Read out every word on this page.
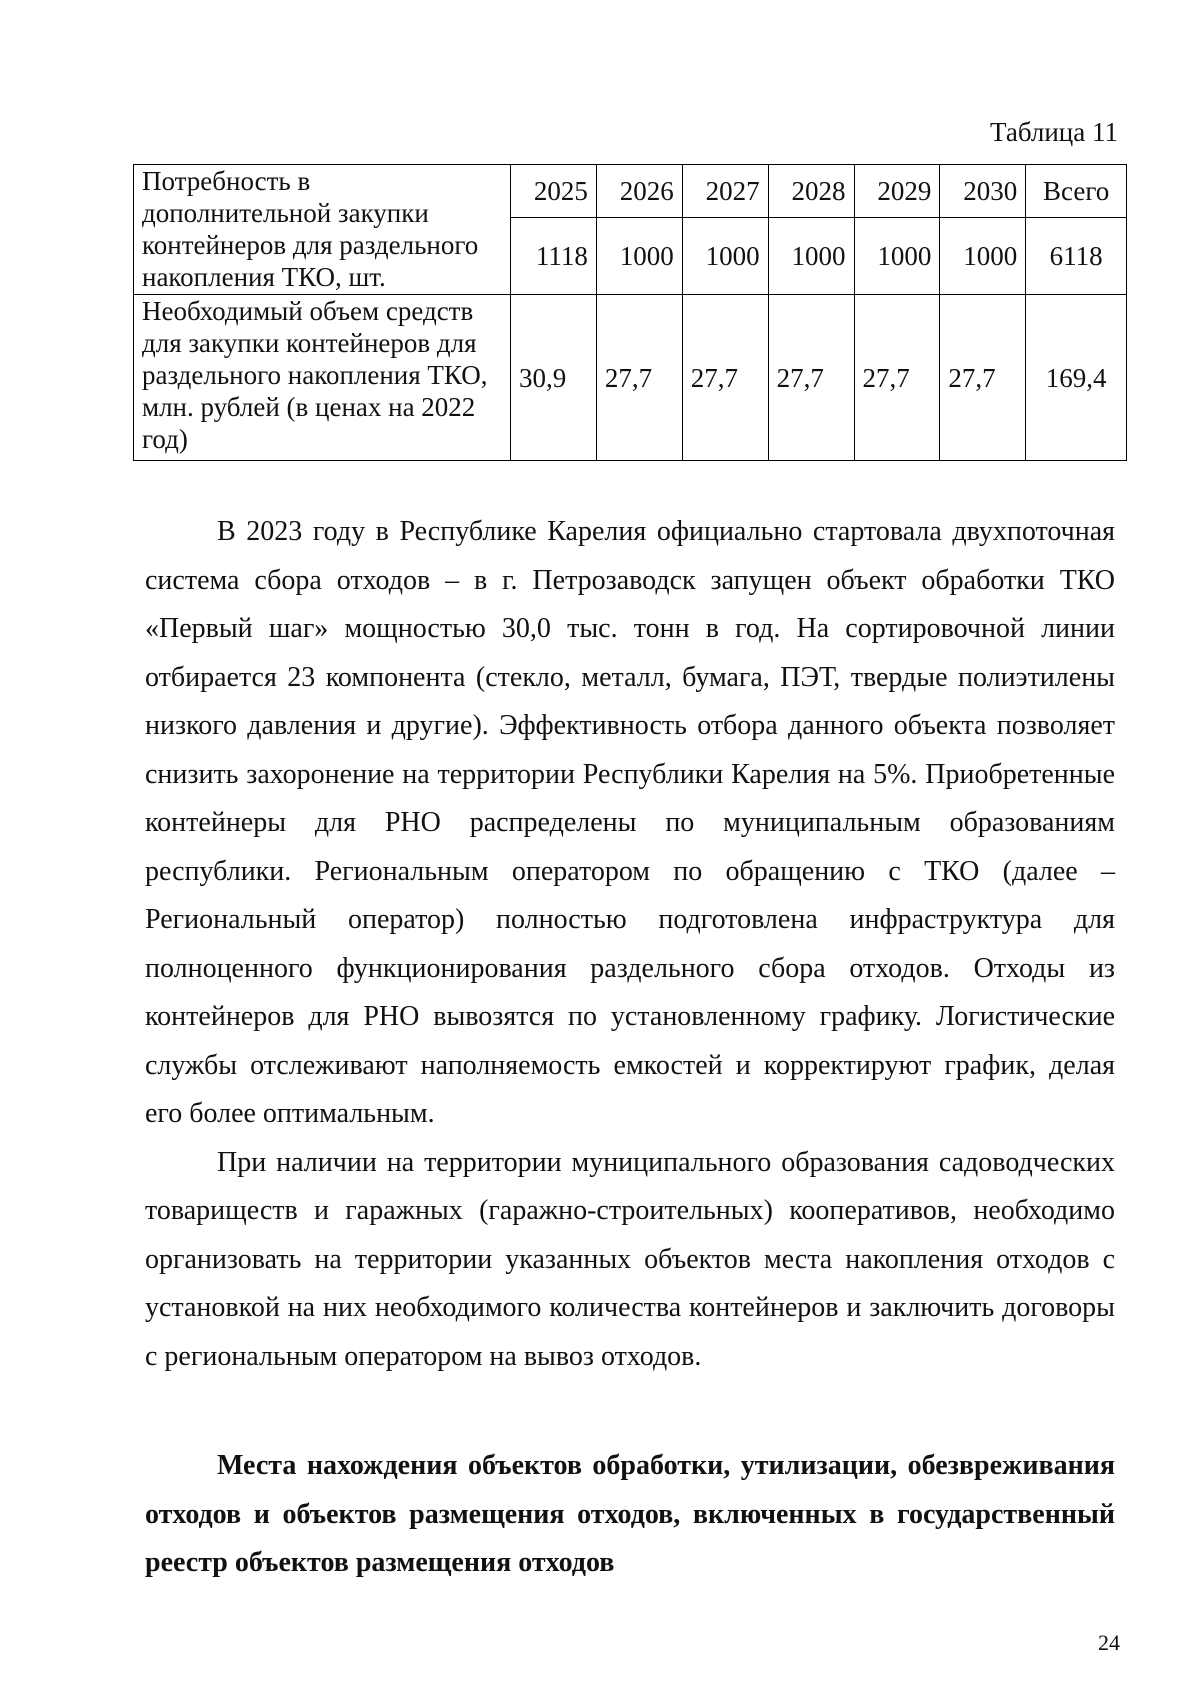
Таблица 11
Потребность в дополнительной закупки контейнеров для раздельного накопления ТКО, шт.	2025	2026	2027	2028	2029	2030	Всего
	1118	1000	1000	1000	1000	1000	6118
Необходимый объем средств для закупки контейнеров для раздельного накопления ТКО, млн. рублей (в ценах на 2022 год)	30,9	27,7	27,7	27,7	27,7	27,7	169,4

В 2023 году в Республике Карелия официально стартовала двухпоточная система сбора отходов – в г. Петрозаводск запущен объект обработки ТКО «Первый шаг» мощностью 30,0 тыс. тонн в год. На сортировочной линии отбирается 23 компонента (стекло, металл, бумага, ПЭТ, твердые полиэтилены низкого давления и другие). Эффективность отбора данного объекта позволяет снизить захоронение на территории Республики Карелия на 5%. Приобретенные контейнеры для РНО распределены по муниципальным образованиям республики. Региональным оператором по обращению с ТКО (далее – Региональный оператор) полностью подготовлена инфраструктура для полноценного функционирования раздельного сбора отходов. Отходы из контейнеров для РНО вывозятся по установленному графику. Логистические службы отслеживают наполняемость емкостей и корректируют график, делая его более оптимальным.

При наличии на территории муниципального образования садоводческих товариществ и гаражных (гаражно-строительных) кооперативов, необходимо организовать на территории указанных объектов места накопления отходов с установкой на них необходимого количества контейнеров и заключить договоры с региональным оператором на вывоз отходов.

Места нахождения объектов обработки, утилизации, обезвреживания отходов и объектов размещения отходов, включенных в государственный реестр объектов размещения отходов
24
